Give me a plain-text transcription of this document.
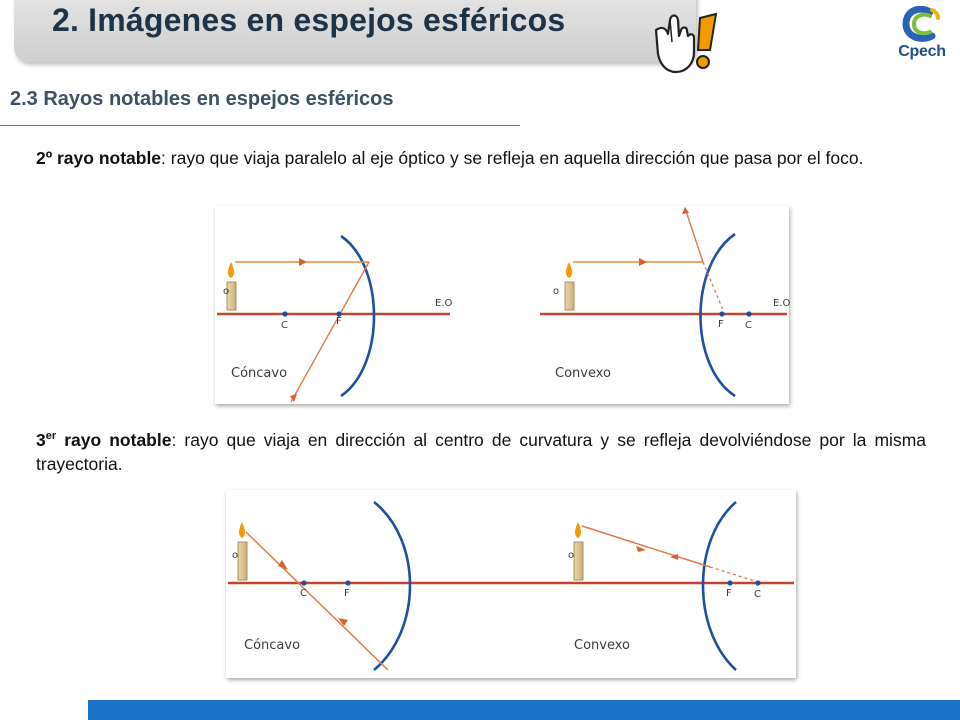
2. Imágenes en espejos esféricos
Cpech
2.3 Rayos notables en espejos esféricos
2º rayo notable: rayo que viaja paralelo al eje óptico y se refleja en aquella dirección que pasa por el foco.
o
C	F
E.O
o
F C
E.O
Cóncavo	Convexo
3er rayo notable: rayo que viaja en dirección al centro de curvatura y se refleja devolviéndose por la misma trayectoria.
o
C	F
o
F C
Cóncavo	Convexo
